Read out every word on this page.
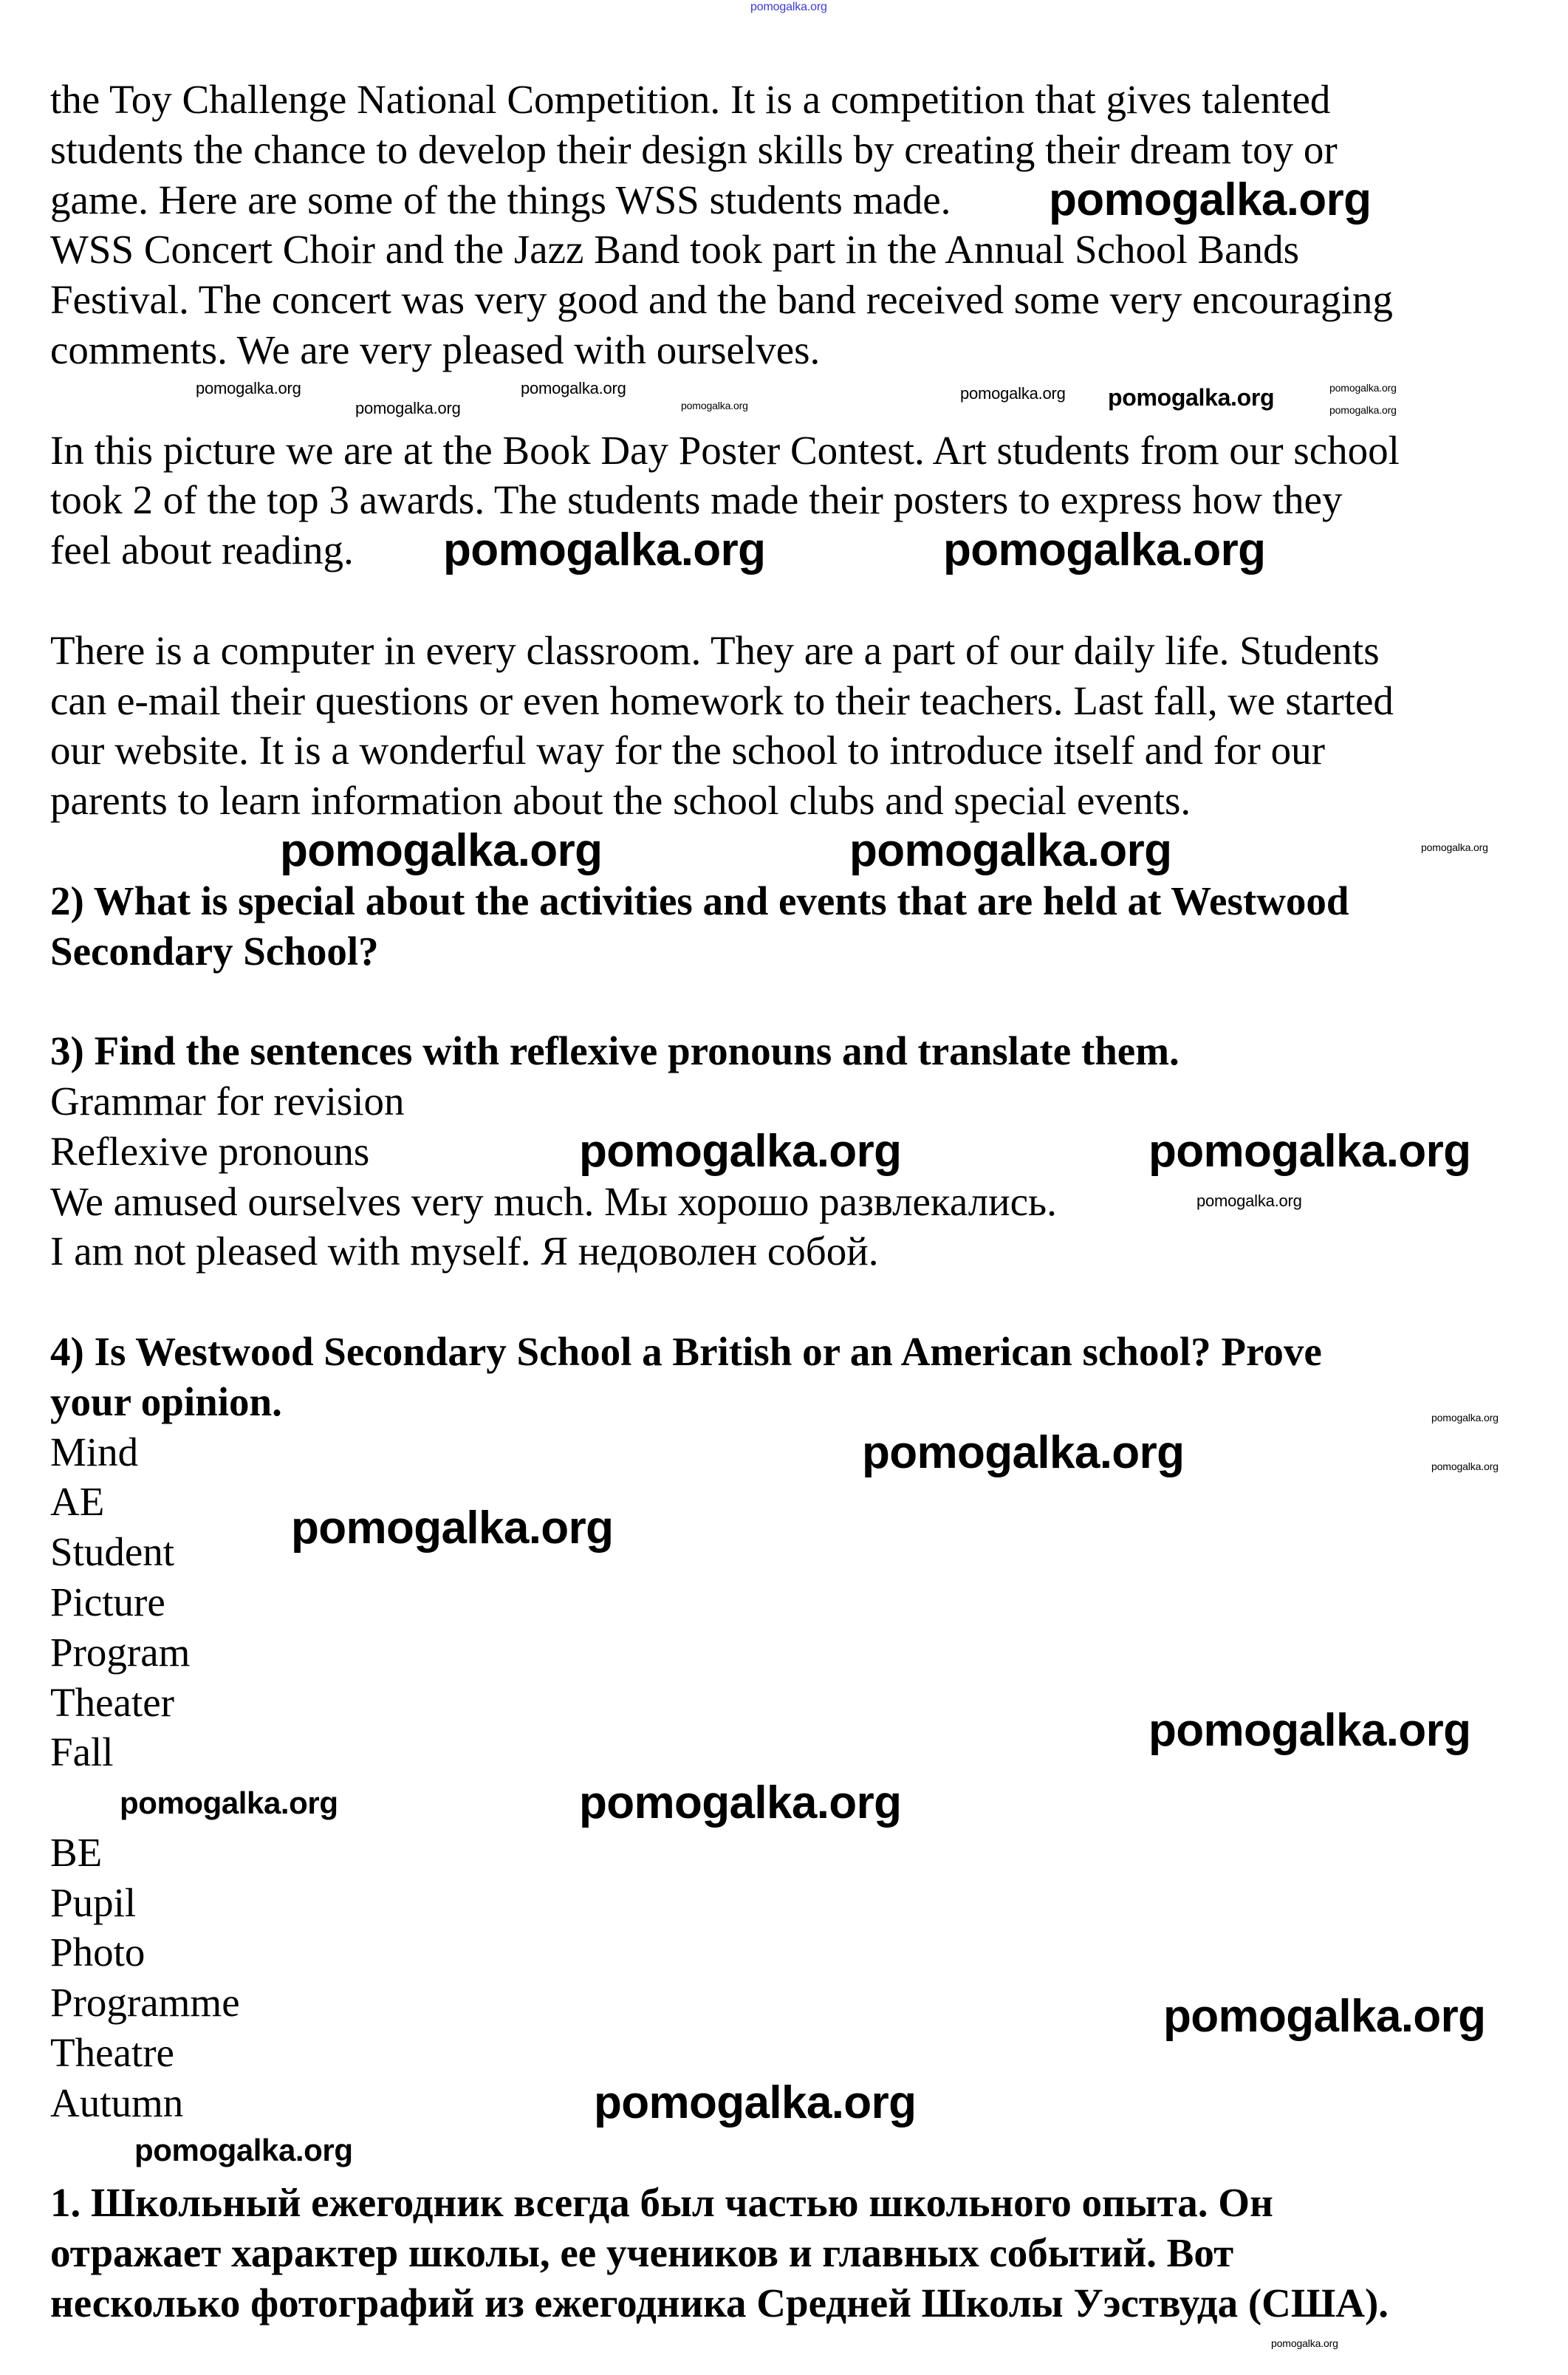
the Toy Challenge National Competition. It is a competition that gives talented
students the chance to develop their design skills by creating their dream toy or
game. Here are some of the things WSS students made.
WSS Concert Choir and the Jazz Band took part in the Annual School Bands
Festival. The concert was very good and the band received some very encouraging
comments. We are very pleased with ourselves.
In this picture we are at the Book Day Poster Contest. Art students from our school
took 2 of the top 3 awards. The students made their posters to express how they
feel about reading.
There is a computer in every classroom. They are a part of our daily life. Students
can e-mail their questions or even homework to their teachers. Last fall, we started
our website. It is a wonderful way for the school to introduce itself and for our
parents to learn information about the school clubs and special events.
2) What is special about the activities and events that are held at Westwood
Secondary School?
3) Find the sentences with reflexive pronouns and translate them.
Grammar for revision
Reflexive pronouns
We amused ourselves very much. Мы хорошо развлекались.
I am not pleased with myself. Я недоволен собой.
4) Is Westwood Secondary School a British or an American school? Prove
your opinion.
Mind
AE
Student
Picture
Program
Theater
Fall
BE
Pupil
Photo
Programme
Theatre
Autumn
1. Школьный ежегодник всегда был частью школьного опыта. Он
отражает характер школы, ее учеников и главных событий. Вот
несколько фотографий из ежегодника Средней Школы Уэствуда (США).
pomogalka.org
pomogalka.org
pomogalka.org	pomogalka.org
pomogalka.org	pomogalka.org
pomogalka.org	pomogalka.org
pomogalka.org
pomogalka.org
pomogalka.org
pomogalka.org
pomogalka.org
pomogalka.org
pomogalka.org
pomogalka.org
pomogalka.org
pomogalka.org
pomogalka.org
pomogalka.org	pomogalka.org
pomogalka.org
pomogalka.org
pomogalka.org
pomogalka.org
pomogalka.org
pomogalka.org
pomogalka.org
pomogalka.org
